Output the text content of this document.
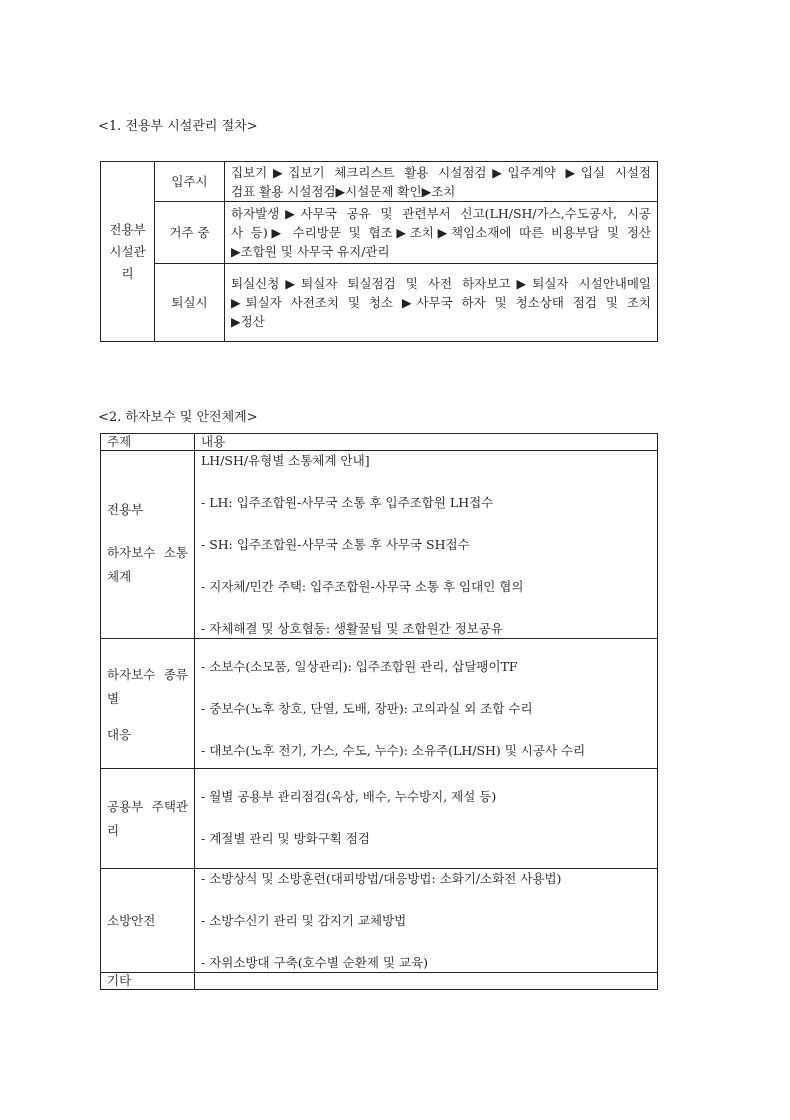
<1. 전용부 시설관리 절차>
전용부 시설관리	입주시	집보기▶집보기 체크리스트 활용 시설점검▶입주계약 ▶입실 시설점
검표 활용 시설점검▶시설문제 확인▶조치

	거주 중	하자발생▶사무국 공유 및 관련부서 신고(LH/SH/가스,수도공사, 시공
사 등)▶ 수리방문 및 협조▶조치▶책임소재에 따른 비용부담 및 정산
▶조합원 및 사무국 유지/관리

	퇴실시	퇴실신청▶퇴실자 퇴실점검 및 사전 하자보고▶퇴실자 시설안내메일
▶퇴실자 사전조치 및 청소 ▶사무국 하자 및 청소상태 점검 및 조치
▶정산
<2. 하자보수 및 안전체계>
주제	내용

전용부
하자보수 소통체계	LH/SH/유형별 소통체계 안내]
- LH: 입주조합원-사무국 소통 후 입주조합원 LH접수
- SH: 입주조합원-사무국 소통 후 사무국 SH접수
- 지자체/민간 주택: 입주조합원-사무국 소통 후 임대인 협의
- 자체해결 및 상호협동: 생활꿀팁 및 조합원간 정보공유

하자보수 종류별
대응	- 소보수(소모품, 일상관리): 입주조합원 관리, 삽달팽이TF
- 중보수(노후 창호, 단열, 도배, 장판): 고의과실 외 조합 수리
- 대보수(노후 전기, 가스, 수도, 누수): 소유주(LH/SH) 및 시공사 수리

공용부 주택관리	- 월별 공용부 관리점검(옥상, 배수, 누수방지, 제설 등)
- 계절별 관리 및 방화구획 점검

소방안전	- 소방상식 및 소방훈련(대피방법/대응방법: 소화기/소화전 사용법)
- 소방수신기 관리 및 감지기 교체방법
- 자위소방대 구축(호수별 순환제 및 교육)

기타	
